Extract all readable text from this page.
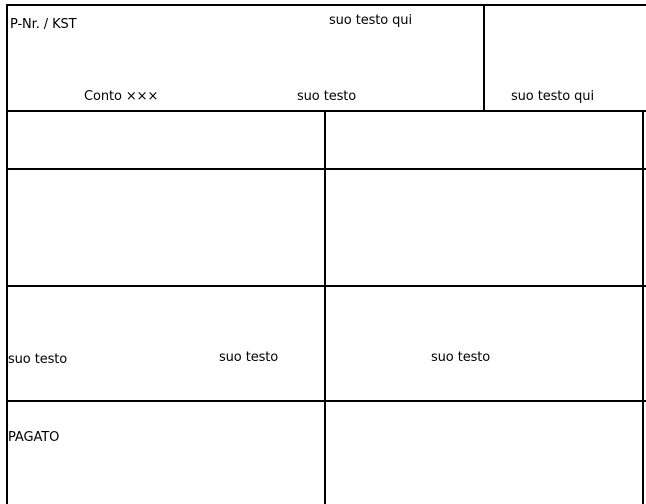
P-Nr. / KST	suo testo qui
Conto ×××	suo testo	suo testo qui
suo testo	suo testo	suo testo
PAGATO
